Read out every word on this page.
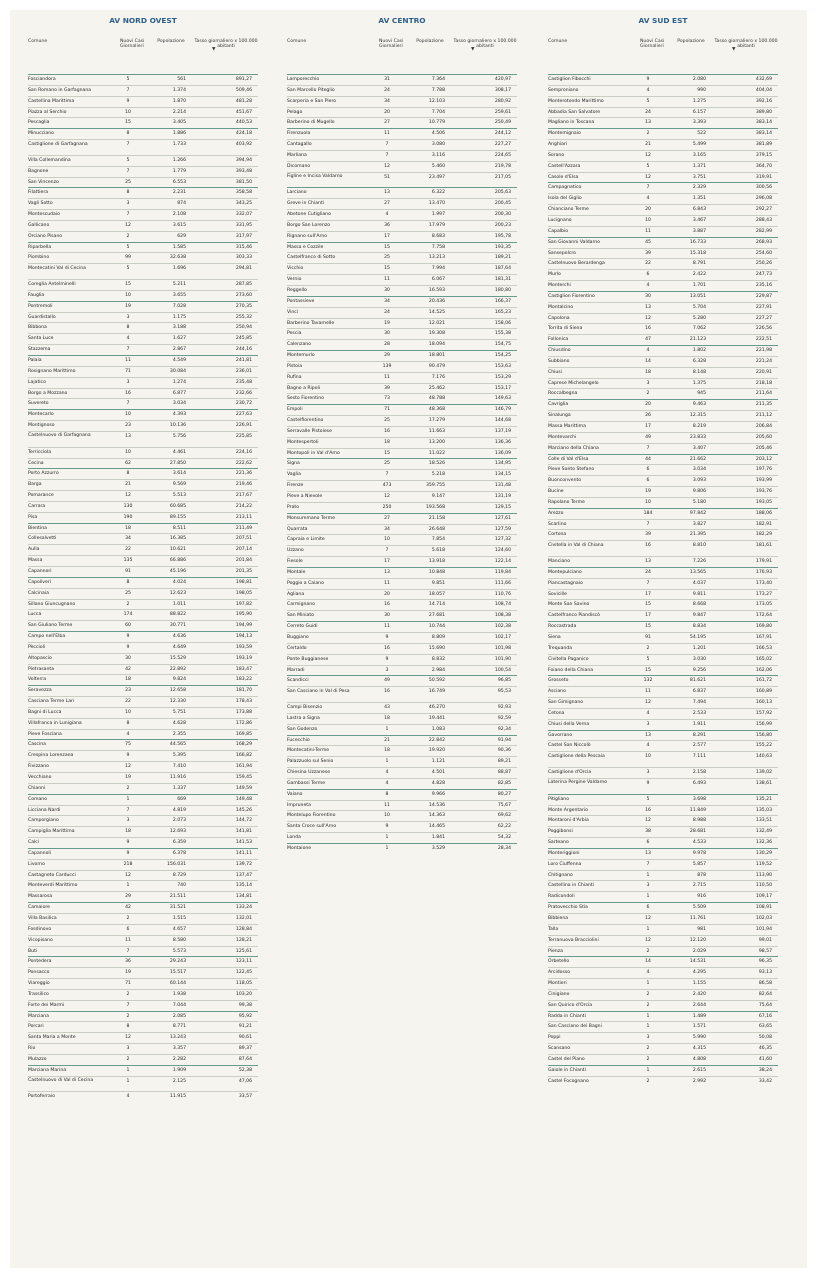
AV NORD OVEST
Comune	Nuovi Casi Giornalieri
Popolazione	Tasso giornaliero x 100.000 abitanti
▼
Fosciandora	5	561	891,27
San Romano in Garfagnana	7	1.374	509,46
Castellina Marittima	9	1.870	481,28
Piazza al Serchio	10	2.214	451,67
Pescaglia	15	3.405	440,53
Minucciano	8	1.886	424,18
Castiglione di Garfagnana	7	1.733	403,92
Villa Collemandina	5	1.266	394,94
Bagnone	7	1.779	393,48
San Vincenzo	25	6.553	381,50
Filattiera	8	2.231	358,58
Vagli Sotto	3	874	343,25
Montescudaio	7	2.108	332,07
Gallicano	12	3.615	331,95
Orciano Pisano	2	629	317,97
Riparbella	5	1.585	315,46
Piombino	99	32.638	303,33
Montecatini Val di Cecina	5	1.696	294,81
Coreglia Antelminelli	15	5.211	287,85
Fauglia	10	3.655	273,60
Pontremoli	19	7.028	270,35
Guardistallo	3	1.175	255,32
Bibbona	8	3.188	250,94
Santa Luce	4	1.627	245,85
Stazzema	7	2.867	244,16
Palaia	11	4.549	241,81
Rosignano Marittimo	71	30.084	236,01
Lajatico	3	1.274	235,48
Borgo a Mozzano	16	6.877	232,66
Suvereto	7	3.034	230,72
Montecarlo	10	4.393	227,63
Montignoso	23	10.136	226,91
Castelnuovo di Garfagnana	13	5.756	225,85
Terricciola	10	4.461	224,16
Cecina	62	27.850	222,62
Porto Azzurro	8	3.614	221,36
Barga	21	9.569	219,46
Pomarance	12	5.513	217,67
Carrara	130	60.685	214,22
Pisa	190	89.155	213,11
Bientina	18	8.511	211,49
Collesalvetti	34	16.385	207,51
Aulla	22	10.621	207,14
Massa	135	66.886	201,84
Capannori	91	45.196	201,35
Capoliveri	8	4.024	198,81
Calcinaia	25	12.623	198,05
Sillano Giuncugnano	2	1.011	197,82
Lucca	174	88.822	195,90
San Giuliano Terme	60	30.771	194,99
Campo nell'Elba	9	4.636	194,13
Pèccioli	9	4.649	193,59
Altopascio	30	15.529	193,19
Pietrasanta	42	22.892	183,47
Volterra	18	9.824	183,22
Seravezza	23	12.658	181,70
Casciana Terme Lari	22	12.330	178,43
Bagni di Lucca	10	5.751	173,88
Villafranca in Lunigiana	8	4.628	172,86
Pieve Fosciana	4	2.355	169,85
Cascina	75	44.565	168,29
Crespina Lorenzana	9	5.395	166,82
Fivizzano	12	7.410	161,94
Vecchiano	19	11.916	159,45
Chianni	2	1.337	149,59
Comano	1	669	149,48
Licciana Nardi	7	4.819	145,26
Camporgiano	3	2.073	144,72
Campiglia Marittima	18	12.693	141,81
Calci	9	6.359	141,53
Capannoli	9	6.378	141,11
Livorno	218	156.031	139,72
Castagneto Carducci	12	8.729	137,47
Monteverdi Marittimo	1	740	135,14
Massarosa	29	21.511	134,81
Camaiore	42	31.521	133,24
Villa Basilica	2	1.515	132,01
Fosdinovo	6	4.657	128,84
Vicopisano	11	8.580	128,21
Buti	7	5.573	125,61
Pontedera	36	29.243	123,11
Ponsacco	19	15.517	122,45
Viareggio	71	60.144	118,05
Trassilico	2	1.938	103,20
Forte dei Marmi	7	7.044	99,38
Marciana	2	2.085	95,92
Porcari	8	8.771	91,21
Santa Maria a Monte	12	13.243	90,61
Rio	3	3.357	89,37
Mulazzo	2	2.282	87,64
Marciana Marina	1	1.909	52,38
Castelnuovo di Val di Cecina	1	2.125	47,06
Portoferraio	4	11.915	33,57
AV CENTRO
Comune	Nuovi Casi Giornalieri
Popolazione	Tasso giornaliero x 100.000 abitanti
▼
Lamporecchio	31	7.364	420,97
San Marcello Piteglio	24	7.788	308,17
Scarperia e San Piero	34	12.103	280,92
Pelago	20	7.704	259,61
Barberino di Mugello	27	10.779	250,49
Firenzuola	11	4.506	244,12
Cantagallo	7	3.080	227,27
Marliana	7	3.116	224,65
Dicomano	12	5.460	219,78
Figline e Incisa Valdarno	51	23.497	217,05
Larciano	13	6.322	205,63
Greve in Chianti	27	13.470	200,45
Abetone Cutigliano	4	1.997	200,30
Borgo San Lorenzo	36	17.979	200,23
Rignano sull'Arno	17	8.683	195,78
Massa e Cozzile	15	7.758	193,35
Castelfranco di Sotto	25	13.213	189,21
Vicchio	15	7.994	187,64
Vernio	11	6.067	181,31
Reggello	30	16.593	180,80
Pontassieve	34	20.436	166,37
Vinci	24	14.525	165,23
Barberino Tavarnelle	19	12.021	158,06
Pescia	30	19.308	155,38
Calenzano	28	18.094	154,75
Montemurlo	29	18.801	154,25
Pistoia	139	90.479	153,63
Rufina	11	7.176	153,29
Bagno a Ripoli	39	25.462	153,17
Sesto Fiorentino	73	48.788	149,63
Empoli	71	48.368	146,79
Castelfiorentino	25	17.279	144,68
Serravalle Pistoiese	16	11.663	137,19
Montespertoli	18	13.200	136,36
Montopoli in Val d'Arno	15	11.022	136,09
Signa	25	18.526	134,95
Vaglia	7	5.218	134,15
Firenze	473	359.755	131,48
Pieve a Nievole	12	9.147	131,19
Prato	250	193.568	129,15
Monsummano Terme	27	21.158	127,61
Quarrata	34	26.648	127,59
Capraia e Limite	10	7.854	127,32
Uzzano	7	5.618	124,60
Fiesole	17	13.918	122,14
Montale	13	10.848	119,84
Poggio a Caiano	11	9.851	111,66
Agliana	20	18.057	110,76
Carmignano	16	14.714	108,74
San Miniato	30	27.681	108,38
Cerreto Guidi	11	10.744	102,38
Buggiano	9	8.809	102,17
Certaldo	16	15.690	101,98
Ponte Buggianese	9	8.832	101,90
Marradi	3	2.984	100,54
Scandicci	49	50.592	96,85
San Casciano in Val di Pesa	16	16.749	95,53
Campi Bisenzio	43	46.270	92,93
Lastra a Signa	18	19.441	92,59
San Godenzo	1	1.083	92,34
Fucecchio	21	22.842	91,94
Montecatini-Terme	18	19.920	90,36
Palazzuolo sul Senio	1	1.121	89,21
Chiesina Uzzanese	4	4.501	88,87
Gambassi Terme	4	4.828	82,85
Vaiano	8	9.966	80,27
Impruneta	11	14.536	75,67
Montelupo Fiorentino	10	14.363	69,62
Santa Croce sull'Arno	9	14.465	62,22
Londa	1	1.841	54,32
Montaione	1	3.529	28,34
AV SUD EST
Comune	Nuovi Casi Giornalieri
Popolazione	Tasso giornaliero x 100.000 abitanti
▼
Castiglion Fibocchi	9	2.080	432,69
Semproniano	4	990	404,04
Monterotondo Marittimo	5	1.275	392,16
Abbadia San Salvatore	24	6.157	389,80
Magliano in Toscana	13	3.393	383,14
Montemignaio	2	522	383,14
Anghiari	21	5.499	381,89
Sorano	12	3.165	379,15
Castell'Azzara	5	1.371	364,70
Casole d'Elsa	12	3.751	319,91
Campagnatico	7	2.329	300,56
Isola del Giglio	4	1.351	296,08
Chianciano Terme	20	6.843	292,27
Lucignano	10	3.467	288,43
Capalbio	11	3.887	282,99
San Giovanni Valdarno	45	16.733	268,93
Sansepolcro	39	15.318	254,60
Castelnuovo Berardenga	22	8.791	250,26
Murlo	6	2.422	247,73
Monterchi	4	1.701	235,16
Castiglion Fiorentino	30	13.051	229,87
Montalcino	13	5.704	227,91
Capolona	12	5.280	227,27
Torrita di Siena	16	7.062	226,56
Follonica	47	21.123	222,51
Chiusdino	4	1.802	221,98
Subbiano	14	6.328	221,24
Chiusi	18	8.148	220,91
Caprese Michelangelo	3	1.375	218,18
Roccalbegna	2	945	211,64
Cavriglia	20	9.463	211,35
Sinalunga	26	12.315	211,12
Massa Marittima	17	8.219	206,84
Montevarchi	49	23.833	205,60
Marciano della Chiana	7	3.407	205,46
Colle di Val d'Elsa	44	21.662	203,12
Pieve Santo Stefano	6	3.034	197,76
Buonconvento	6	3.093	193,99
Bucine	19	9.806	193,76
Rapolano Terme	10	5.180	193,05
Arezzo	184	97.842	188,06
Scarlino	7	3.827	182,91
Cortona	39	21.395	182,29
Civitella in Val di Chiana	16	8.810	181,61
Manciano	13	7.226	179,91
Montepulciano	24	13.565	176,93
Piancastagnaio	7	4.037	173,40
Sovicille	17	9.811	173,27
Monte San Savino	15	8.668	173,05
Castelfranco Piandiscò	17	9.847	172,64
Roccastrada	15	8.834	169,80
Siena	91	54.195	167,91
Trequanda	2	1.201	166,53
Civitella Paganico	5	3.030	165,02
Foiano della Chiana	15	9.256	162,06
Grosseto	132	81.621	161,72
Asciano	11	6.837	160,89
San Gimignano	12	7.494	160,13
Cetona	4	2.533	157,92
Chiusi della Verna	3	1.911	156,99
Gavorrano	13	8.291	156,80
Castel San Niccolò	4	2.577	155,22
Castiglione della Pescaia	10	7.111	140,63
Castiglione d'Orcia	3	2.158	139,02
Laterina Pergine Valdarno	9	6.493	138,61
Pitigliano	5	3.698	135,21
Monte Argentario	16	11.849	135,03
Montaroni d'Arbia	12	8.988	133,51
Poggibonsi	38	28.681	132,49
Sarteano	6	4.533	132,36
Monteriggioni	13	9.978	130,29
Loro Ciuffenna	7	5.857	119,52
Chitignano	1	878	113,90
Castellina in Chianti	3	2.715	110,50
Radicondoli	1	916	109,17
Pratovecchio Stia	6	5.509	108,91
Bibbiena	12	11.761	102,03
Talla	1	981	101,94
Terranuova Bracciolini	12	12.120	99,01
Pienza	2	2.029	98,57
Orbetello	14	14.531	96,35
Arcidosso	4	4.295	93,13
Montieri	1	1.155	86,58
Cinigiano	2	2.420	82,64
San Quirico d'Orcia	2	2.644	75,64
Radda in Chianti	1	1.489	67,16
San Casciano dei Bagni	1	1.571	63,65
Poppi	3	5.990	50,08
Scansano	2	4.315	46,35
Castel del Piano	2	4.808	41,60
Gaiole in Chianti	1	2.615	38,24
Castel Focognano	2	2.992	33,42
